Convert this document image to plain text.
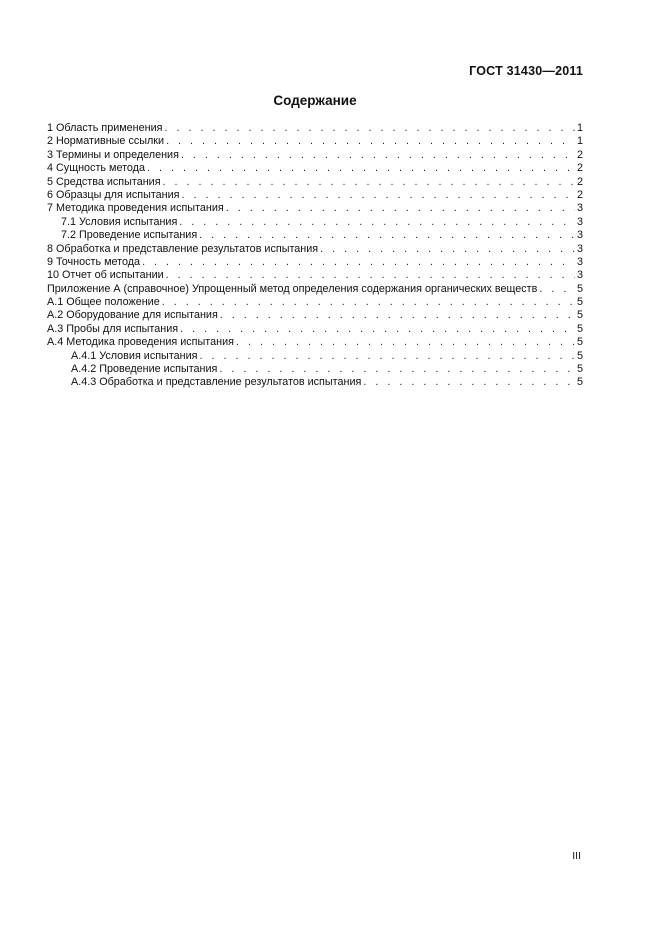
ГОСТ 31430—2011
Содержание
1 Область применения . . .	1
2 Нормативные ссылки . . .	1
3 Термины и определения . . .	2
4 Сущность метода . . .	2
5 Средства испытания . . .	2
6 Образцы для испытания . . .	2
7 Методика проведения испытания . . .	3
7.1 Условия испытания . . .	3
7.2 Проведение испытания . . .	3
8 Обработка и представление результатов испытания . . .	3
9 Точность метода . . .	3
10 Отчет об испытании . . .	3
Приложение А (справочное) Упрощенный метод определения содержания органических веществ . . .	5
А.1 Общее положение . . .	5
А.2 Оборудование для испытания . . .	5
А.3 Пробы для испытания . . .	5
А.4 Методика проведения испытания . . .	5
А.4.1 Условия испытания . . .	5
А.4.2 Проведение испытания . . .	5
А.4.3 Обработка и представление результатов испытания . . .	5
III
